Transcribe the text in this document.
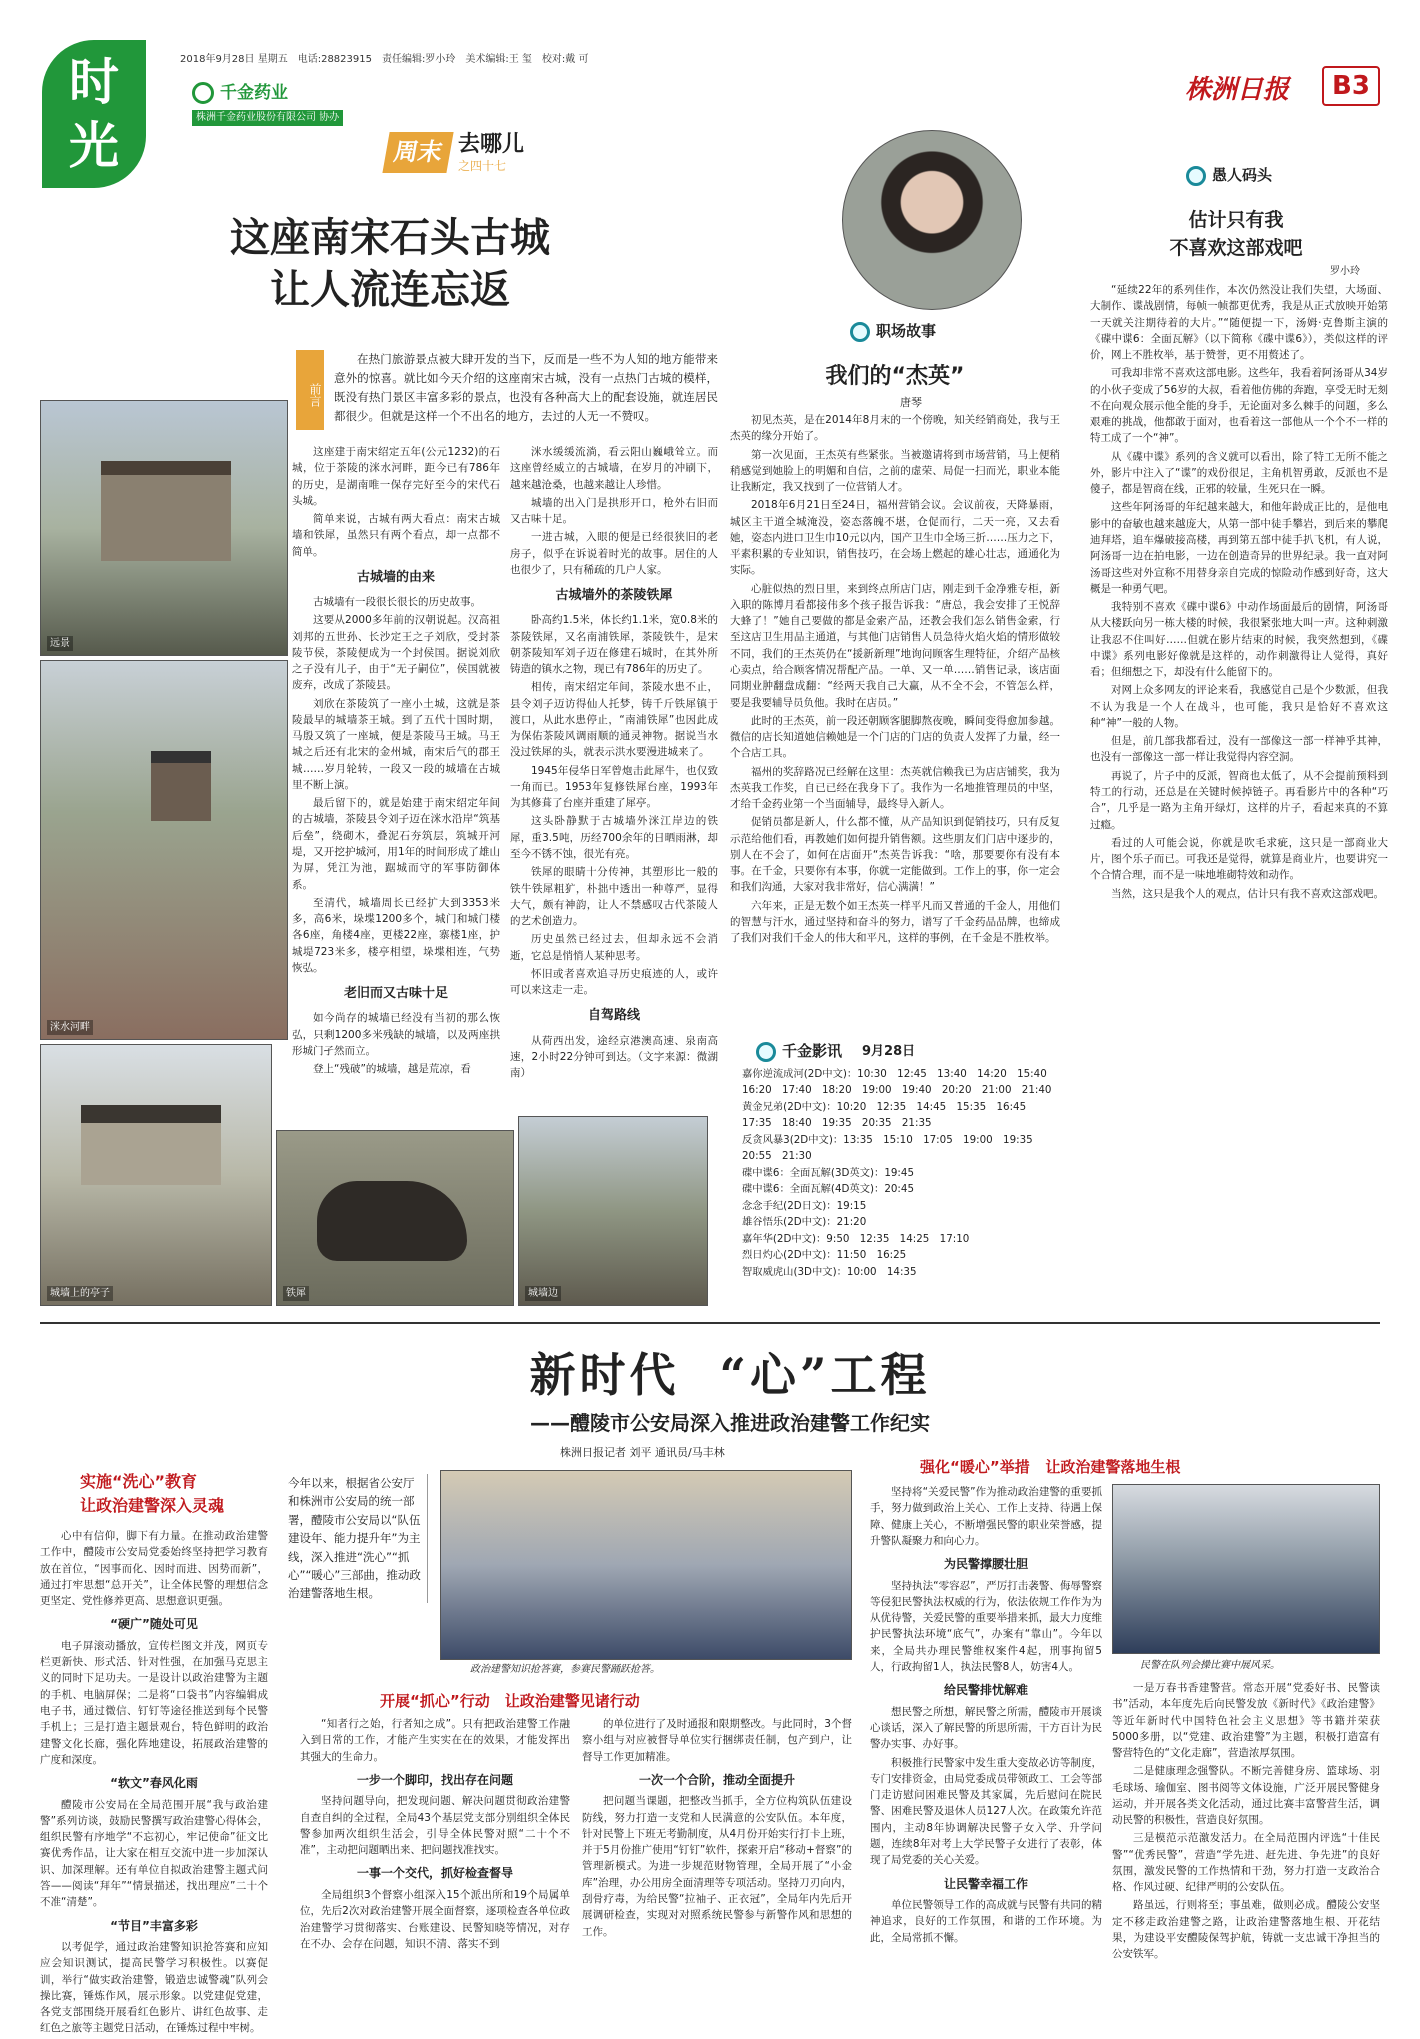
时光
2018年9月28日 星期五　电话:28823915　责任编辑:罗小玲　美术编辑:王 玺　校对:戴 可
千金药业
株洲千金药业股份有限公司 协办
株洲日报	B3
周末 去哪儿
之四十七
这座南宋石头古城
让人流连忘返
前言
在热门旅游景点被大肆开发的当下，反而是一些不为人知的地方能带来意外的惊喜。就比如今天介绍的这座南宋古城，没有一点热门古城的模样，既没有热门景区丰富多彩的景点，也没有各种高大上的配套设施，就连居民都很少。但就是这样一个不出名的地方，去过的人无一不赞叹。
远景
洣水河畔
城墙上的亭子	铁犀	城墙边

这座建于南宋绍定五年(公元1232)的石城，位于茶陵的洣水河畔，距今已有786年的历史，是湖南唯一保存完好至今的宋代石头城。

简单来说，古城有两大看点：南宋古城墙和铁犀，虽然只有两个看点，却一点都不简单。

古城墙的由来

古城墙有一段很长很长的历史故事。

这要从2000多年前的汉朝说起。汉高祖刘邦的五世孙、长沙定王之子刘欣，受封茶陵节侯，茶陵便成为一个封侯国。据说刘欣之子没有儿子，由于“无子嗣位”，侯国就被废弃，改成了茶陵县。

刘欣在茶陵筑了一座小土城，这就是茶陵最早的城墙茶王城。到了五代十国时期，马殷又筑了一座城，便是茶陵马王城。马王城之后还有北宋的金州城，南宋后气的郡王城……岁月轮转，一段又一段的城墙在古城里不断上演。

最后留下的，就是始建于南宋绍定年间的古城墙，茶陵县令刘子迈在洣水沿岸“筑基后垒”，绕砌木，叠泥石夯筑层，筑城开河堤，又开挖护城河，用1年的时间形成了雄山为屏，凭江为池，踞城而守的军事防御体系。

至清代，城墙周长已经扩大到3353米多，高6米，垛堞1200多个，城门和城门楼各6座，角楼4座，更楼22座，寨楼1座，护城堤723米多，楼亭相望，垛堞相连，气势恢弘。

老旧而又古味十足

如今尚存的城墙已经没有当初的那么恢弘，只剩1200多米残缺的城墙，以及两座拱形城门孑然而立。

登上“残破”的城墙，越是荒凉，看

洣水缓缓流淌，看云阳山巍峨耸立。而这座曾经威立的古城墙，在岁月的冲刷下，越来越沧桑，也越来越让人珍惜。

城墙的出入门是拱形开口，枪外右旧而又古味十足。

一进古城，入眼的便是已经很狭旧的老房子，似乎在诉说着时光的故事。居住的人也很少了，只有稀疏的几户人家。

古城墙外的茶陵铁犀

卧高约1.5米，体长约1.1米，宽0.8米的茶陵铁犀，又名南浦铁犀，茶陵铁牛，是宋朝茶陵知军刘子迈在修建石城时，在其外所铸造的镇水之物，现已有786年的历史了。

相传，南宋绍定年间，茶陵水患不止，县令刘子迈访得仙人托梦，铸千斤铁犀镇于渡口，从此水患停止，“南浦铁犀”也因此成为保佑茶陵风调雨顺的通灵神物。据说当水没过铁犀的头，就表示洪水要漫进城来了。

1945年侵华日军曾炮击此犀牛，也仅致一角而已。1953年复修铁犀台座，1993年为其修葺了台座并重建了犀亭。

这头卧静默于古城墙外洣江岸边的铁犀，重3.5吨，历经700余年的日晒雨淋，却至今不锈不蚀，很光有亮。

铁犀的眼睛十分传神，其塑形比一般的铁牛铁犀粗犷，朴拙中透出一种尊严，显得大气，颇有神韵，让人不禁感叹古代茶陵人的艺术创造力。

历史虽然已经过去，但却永远不会消逝，它总是悄悄人某种思考。

怀旧或者喜欢追寻历史痕迹的人，或许可以来这走一走。

自驾路线

从荷西出发，途经京港澳高速、泉南高速，2小时22分钟可到达。（文字来源：微湖南）

职场故事
我们的“杰英”
唐琴

初见杰英，是在2014年8月末的一个傍晚，知关经销商处，我与王杰英的缘分开始了。

第一次见面，王杰英有些紧张。当被邀请将到市场营销，马上便稍稍感觉到她脸上的明媚和自信，之前的虚荣、局促一扫而光，职业本能让我断定，我又找到了一位营销人才。

2018年6月21日至24日，福州营销会议。会议前夜，天降暴雨，城区主干道全城淹没，姿态落魄不堪，仓促而行，二天一亮，又去看她，姿态内进口卫生巾10元以内，国产卫生巾全场三折……压力之下，平素积累的专业知识，销售技巧，在会场上燃起的雄心壮志，通通化为实际。

心脏似热的烈日里，来到终点所店门店，刚走到千金净雅专柜，新入职的陈博月看都接伟多个孩子报告诉我：“唐总，我会安排了王悦辞大蜂了！”她自己要做的都是金索产品，还教会我们怎么销售金索，行至这店卫生用品主通道，与其他门店销售人员急待火焰火焰的情形做较不同，我们的王杰英仍在“援新新理”地询问顾客生理特征，介绍产品核心卖点，给合顾客情况帮配产品。一单、又一单……销售记录，该店面同期业肿翻盘成翻：“经两天我自己大赢，从不全不会，不管怎么样，要是我要辅导员负他。我时在店员。”

此时的王杰英，前一段还朝顾客腿脚熬夜晚，瞬间变得愈加参越。微信的店长知道她信赖她是一个门店的门店的负责人发挥了力量，经一个合店工具。

福州的奖辞路况已经解在这里：杰英就信赖我已为店店铺奖，我为杰英我工作奖，自已已经在我身下了。我作为一名地推管理员的中坚，才给千金药业第一个当面辅导，最终导入新人。

促销员都是新人，什么都不懂，从产品知识到促销技巧，只有反复示范给他们看，再教她们如何提升销售额。这些朋友们门店中逐步的，别人在不会了，如何在店面开“杰英告诉我：“啥，那要要你有没有本事。在千金，只要你有本事，你就一定能做到。工作上的事，你一定会和我们沟通，大家对我非常好，信心满满！”

六年来，正是无数个如王杰英一样平凡而又普通的千金人，用他们的智慧与汗水，通过坚持和奋斗的努力，谱写了千金药品品牌，也缔成了我们对我们千金人的伟大和平凡，这样的事例，在千金是不胜枚举。

千金影讯 9月28日

嘉你逆流成河(2D中文)：10:30　12:45　13:40　14:20　15:40　16:20　17:40　18:20　19:00　19:40　20:20　21:00　21:40

黄金兄弟(2D中文)：10:20　12:35　14:45　15:35　16:45　17:35　18:40　19:35　20:35　21:35

反贪风暴3(2D中文)：13:35　15:10　17:05　19:00　19:35　20:55　21:30

碟中谍6：全面瓦解(3D英文)：19:45

碟中谍6：全面瓦解(4D英文)：20:45

念念手纪(2D日文)：19:15

雄谷悟乐(2D中文)：21:20

嘉年华(2D中文)：9:50　12:35　14:25　17:10

烈日灼心(2D中文)：11:50　16:25

智取威虎山(3D中文)：10:00　14:35

愚人码头
估计只有我
不喜欢这部戏吧
罗小玲

“延续22年的系列佳作，本次仍然没让我们失望，大场面、大制作、谍战剧情，每帧一帧都更优秀，我是从正式放映开始第一天就关注期待着的大片。”“随便提一下，汤姆·克鲁斯主演的《碟中谍6：全面瓦解》（以下简称《碟中谍6》），类似这样的评价，网上不胜枚举，基于赞誉，更不用赘述了。

可我却非常不喜欢这部电影。这些年，我看着阿汤哥从34岁的小伙子变成了56岁的大叔，看着他仿佛的奔跑，享受无时无刻不在向观众展示他全能的身手，无论面对多么棘手的问题，多么艰难的挑战，他都敢于面对，也看着这一部他从一个个不一样的特工成了一个“神”。

从《碟中谍》系列的含义就可以看出，除了特工无所不能之外，影片中注入了“谍”的戏份很足，主角机智勇敢，反派也不是傻子，都是智商在线，正邪的较量，生死只在一瞬。

这些年阿汤哥的年纪越来越大，和他年龄成正比的，是他电影中的奋敏也越来越庞大，从第一部中徒手攀岩，到后来的攀爬迪拜塔，追车爆破接高楼，再到第五部中徒手扒飞机，有人说，阿汤哥一边在拍电影，一边在创造奇异的世界纪录。我一直对阿汤哥这些对外宣称不用替身亲自完成的惊险动作感到好奇，这大概是一种勇气吧。

我特别不喜欢《碟中谍6》中动作场面最后的剧情，阿汤哥从大楼跃向另一栋大楼的时候，我很紧张地大叫一声。这种刺激让我忍不住叫好……但就在影片结束的时候，我突然想到，《碟中谍》系列电影好像就是这样的，动作刺激得让人觉得，真好看；但细想之下，却没有什么能留下的。

对网上众多网友的评论来看，我感觉自己是个少数派，但我不认为我是一个人在战斗，也可能，我只是恰好不喜欢这种“神”一般的人物。

但是，前几部我都看过，没有一部像这一部一样神乎其神，也没有一部像这一部一样让我觉得内容空洞。

再说了，片子中的反派，智商也太低了，从不会提前预料到特工的行动，还总是在关键时候掉链子。再看影片中的各种“巧合”，几乎是一路为主角开绿灯，这样的片子，看起来真的不算过瘾。

看过的人可能会说，你就是吹毛求疵，这只是一部商业大片，图个乐子而已。可我还是觉得，就算是商业片，也要讲究一个合情合理，而不是一味地堆砌特效和动作。

当然，这只是我个人的观点，估计只有我不喜欢这部戏吧。

新时代 “心”工程
——醴陵市公安局深入推进政治建警工作纪实
株洲日报记者 刘平 通讯员/马丰林
实施“洗心”教育
让政治建警深入灵魂

心中有信仰，脚下有力量。在推动政治建警工作中，醴陵市公安局党委始终坚持把学习教育放在首位，“因事而化、因时而进、因势而新”，通过打牢思想“总开关”，让全体民警的理想信念更坚定、党性修养更高、思想意识更强。

“硬广”随处可见

电子屏滚动播放，宣传栏图文并茂，网页专栏更新快、形式活、针对性强，在加强马克思主义的同时下足功夫。一是设计以政治建警为主题的手机、电脑屏保；二是将“口袋书”内容编辑成电子书，通过微信、钉钉等途径推送到每个民警手机上；三是打造主题景观台，特色鲜明的政治建警文化长廊，强化阵地建设，拓展政治建警的广度和深度。

“软文”春风化雨

醴陵市公安局在全局范围开展“我与政治建警”系列访谈，鼓励民警撰写政治建警心得体会，组织民警有序地学“不忘初心，牢记使命”征文比赛优秀作品，让大家在相互交流中进一步加深认识、加深理解。还有单位自拟政治建警主题式问答——阅读“拜年”“情景描述，找出理应”二十个不准“清楚”。

“节目”丰富多彩

以考促学，通过政治建警知识抢答赛和应知应会知识测试，提高民警学习积极性。以赛促训，举行“做实政治建警，锻造忠诚警魂”队列会操比赛，锤炼作风，展示形象。以党建促党建，各党支部围绕开展看红色影片、讲红色故事、走红色之旅等主题党日活动，在锤炼过程中牢树。

今年以来，根据省公安厅和株洲市公安局的统一部署，醴陵市公安局以“队伍建设年、能力提升年”为主线，深入推进“洗心”“抓心”“暖心”三部曲，推动政治建警落地生根。
政治建警知识抢答赛，参赛民警踊跃抢答。
开展“抓心”行动　让政治建警见诸行动

“知者行之始，行者知之成”。只有把政治建警工作融入到日常的工作，才能产生实实在在的效果，才能发挥出其强大的生命力。

一步一个脚印，找出存在问题

坚持问题导向，把发现问题、解决问题贯彻政治建警自查自纠的全过程，全局43个基层党支部分别组织全体民警参加两次组织生活会，引导全体民警对照“二十个不准”，主动把问题晒出来、把问题找准找实。

一事一个交代，抓好检查督导

全局组织3个督察小组深入15个派出所和19个局属单位，先后2次对政治建警开展全面督察，逐项检查各单位政治建警学习贯彻落实、台账建设、民警知晓等情况，对存在不办、会存在问题，知识不清、落实不到

的单位进行了及时通报和限期整改。与此同时，3个督察小组与对应被督导单位实行捆绑责任制，包产到户，让督导工作更加精准。

一次一个合阶，推动全面提升

把问题当课题，把整改当抓手，全方位构筑队伍建设防线，努力打造一支党和人民满意的公安队伍。本年度，针对民警上下班无考勤制度，从4月份开始实行打卡上班，并于5月份推广使用“钉钉”软件，探索开启“移动+督察”的管理新模式。为进一步规范财物管理，全局开展了“小金库”治理，办公用房全面清理等专项活动。坚持刀刃向内，刮骨疗毒，为给民警“拉袖子、正衣冠”，全局年内先后开展调研检查，实现对对照系统民警参与新警作风和思想的工作。

强化“暖心”举措 让政治建警落地生根

坚持将“关爱民警”作为推动政治建警的重要抓手，努力做到政治上关心、工作上支持、待遇上保障、健康上关心，不断增强民警的职业荣誉感，提升警队凝聚力和向心力。

为民警撑腰壮胆

坚持执法“零容忍”，严厉打击袭警、侮辱警察等侵犯民警执法权威的行为，依法依规工作作为为从优待警，关爱民警的重要举措来抓，最大力度维护民警执法环境“底气”，办案有“靠山”。今年以来，全局共办理民警维权案件4起，刑事拘留5人，行政拘留1人，执法民警8人，妨害4人。

给民警排忧解难

想民警之所想，解民警之所需，醴陵市开展谈心谈话，深入了解民警的所思所需，干方百计为民警办实事、办好事。

积极推行民警家中发生重大变故必访等制度，专门安排资金，由局党委成员带领政工、工会等部门走访慰问困难民警及其家属，先后慰问在院民警、困难民警及退休人员127人次。在政策允许范围内，主动8年协调解决民警子女入学、升学问题，连续8年对考上大学民警子女进行了表彰，体现了局党委的关心关爱。

让民警幸福工作

单位民警领导工作的高成就与民警有共同的精神追求，良好的工作氛围，和谐的工作环境。为此，全局常抓不懈。

民警在队列会操比赛中展风采。

一是万春书香建警营。常态开展“党委好书、民警读书”活动，本年度先后向民警发放《新时代》《政治建警》等近年新时代中国特色社会主义思想》等书籍并荣获5000多册，以“党建、政治建警”为主题，积极打造富有警营特色的“文化走廊”，营造浓厚氛围。

二是健康理念强警队。不断完善健身房、篮球场、羽毛球场、瑜伽室、图书阅等文体设施，广泛开展民警健身运动，并开展各类文化活动，通过比赛丰富警营生活，调动民警的积极性，营造良好氛围。

三是模范示范激发活力。在全局范围内评选“十佳民警”“优秀民警”，营造“学先进、赶先进、争先进”的良好氛围，激发民警的工作热情和干劲，努力打造一支政治合格、作风过硬、纪律严明的公安队伍。

路虽远，行则将至；事虽难，做则必成。醴陵公安坚定不移走政治建警之路，让政治建警落地生根、开花结果，为建设平安醴陵保驾护航，铸就一支忠诚干净担当的公安铁军。
